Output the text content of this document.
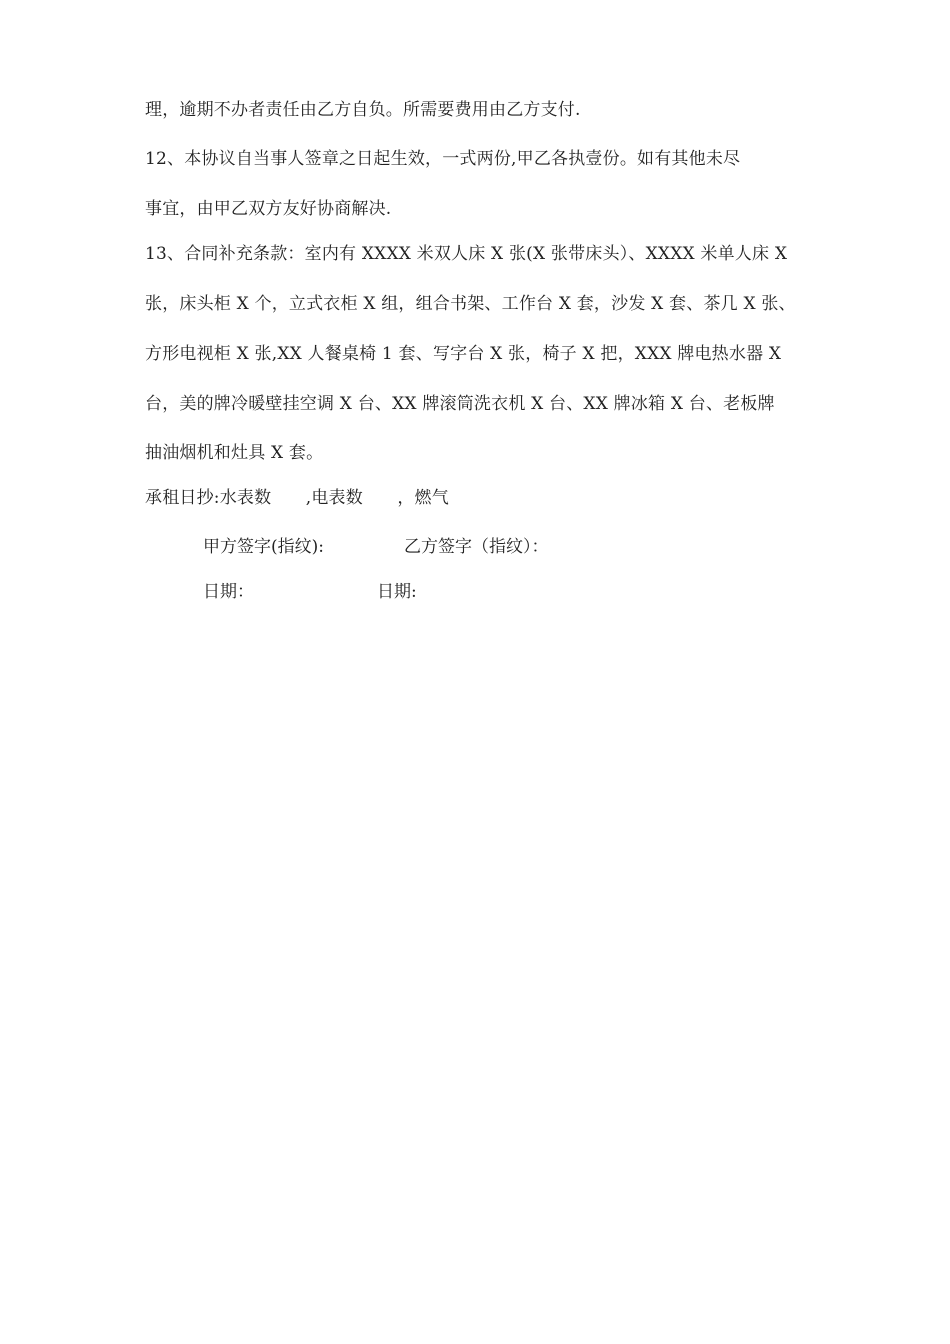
理，逾期不办者责任由乙方自负。所需要费用由乙方支付.
12、本协议自当事人签章之日起生效，一式两份,甲乙各执壹份。如有其他未尽
事宜，由甲乙双方友好协商解决.
13、合同补充条款：室内有 XXXX 米双人床 X 张(X 张带床头）、XXXX 米单人床 X
张，床头柜 X 个，立式衣柜 X 组，组合书架、工作台 X 套，沙发 X 套、茶几 X 张、
方形电视柜 X 张,XX 人餐桌椅 1 套、写字台 X 张，椅子 X 把，XXX 牌电热水器 X
台，美的牌冷暖壁挂空调 X 台、XX 牌滚筒洗衣机 X 台、XX 牌冰箱 X 台、老板牌
抽油烟机和灶具 X 套。
承租日抄:水表数　　,电表数　　，燃气
甲方签字(指纹):	乙方签字（指纹）：
日期：	日期:
